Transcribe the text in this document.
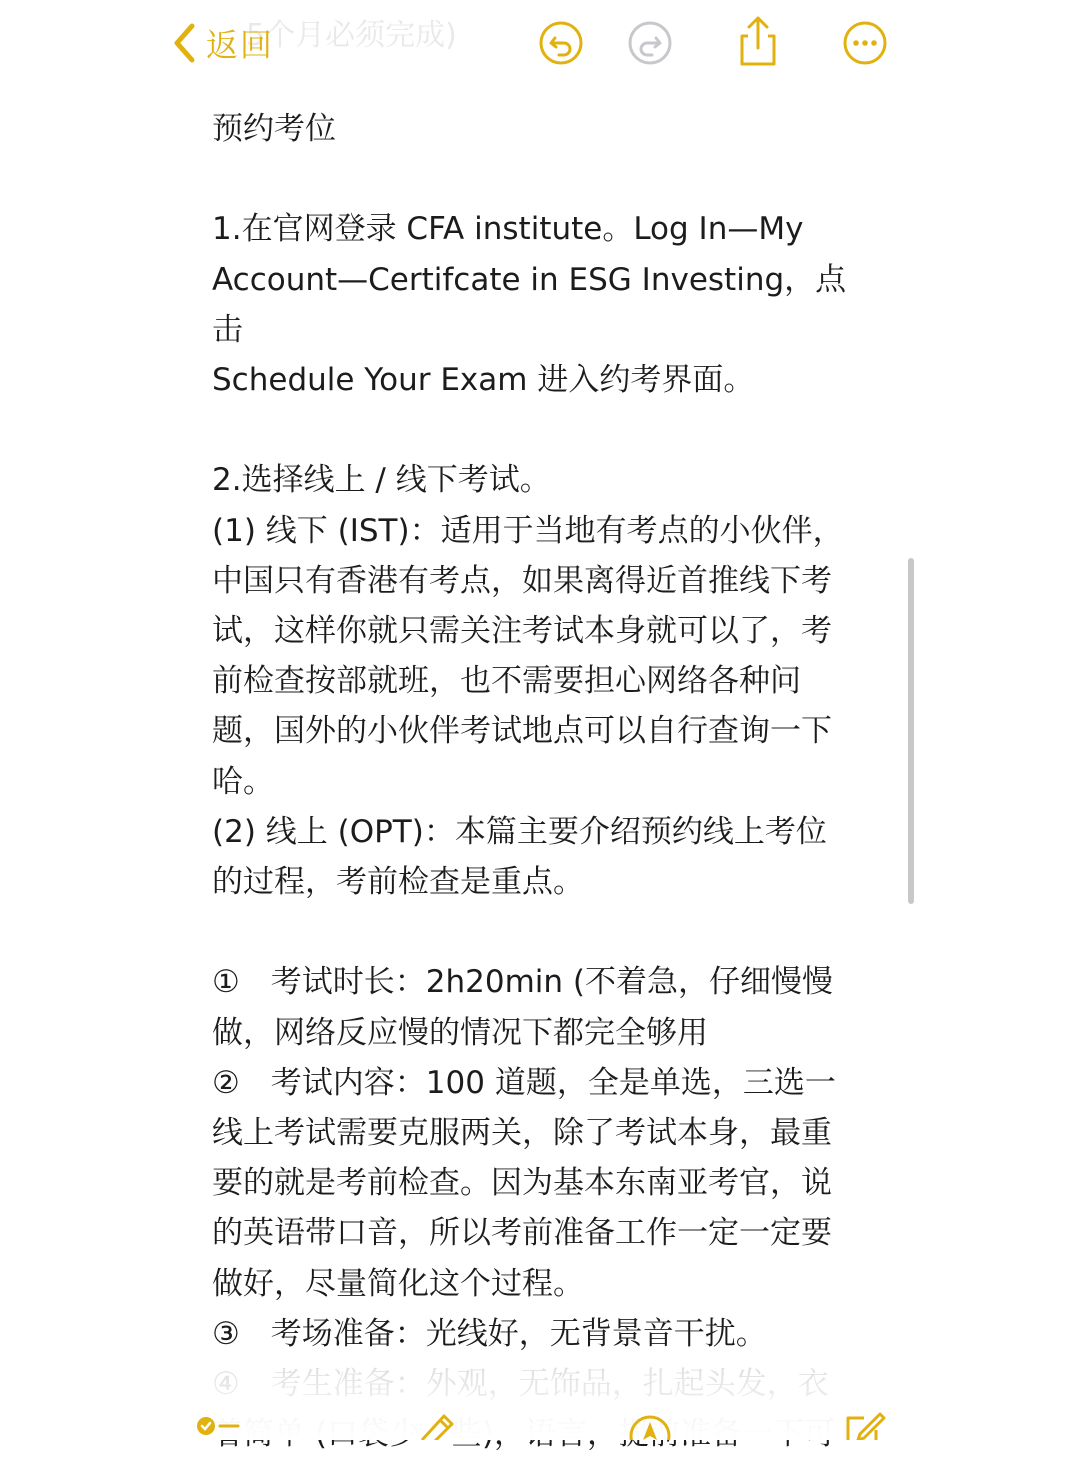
5个月必须完成)
返回

预约考位

1.在官网登录 CFA institute。Log In—My

Account—Certifcate in ESG Investing，点击

Schedule Your Exam 进入约考界面。

2.选择线上 / 线下考试。

(1) 线下 (IST)：适用于当地有考点的小伙伴，

中国只有香港有考点，如果离得近首推线下考

试，这样你就只需关注考试本身就可以了，考

前检查按部就班，也不需要担心网络各种问

题，国外的小伙伴考试地点可以自行查询一下

哈。

(2) 线上 (OPT)：本篇主要介绍预约线上考位

的过程，考前检查是重点。

①　考试时长：2h20min (不着急，仔细慢慢

做，网络反应慢的情况下都完全够用

②　考试内容：100 道题，全是单选，三选一

线上考试需要克服两关，除了考试本身，最重

要的就是考前检查。因为基本东南亚考官，说

的英语带口音，所以考前准备工作一定一定要

做好，尽量简化这个过程。

③　考场准备：光线好，无背景音干扰。
